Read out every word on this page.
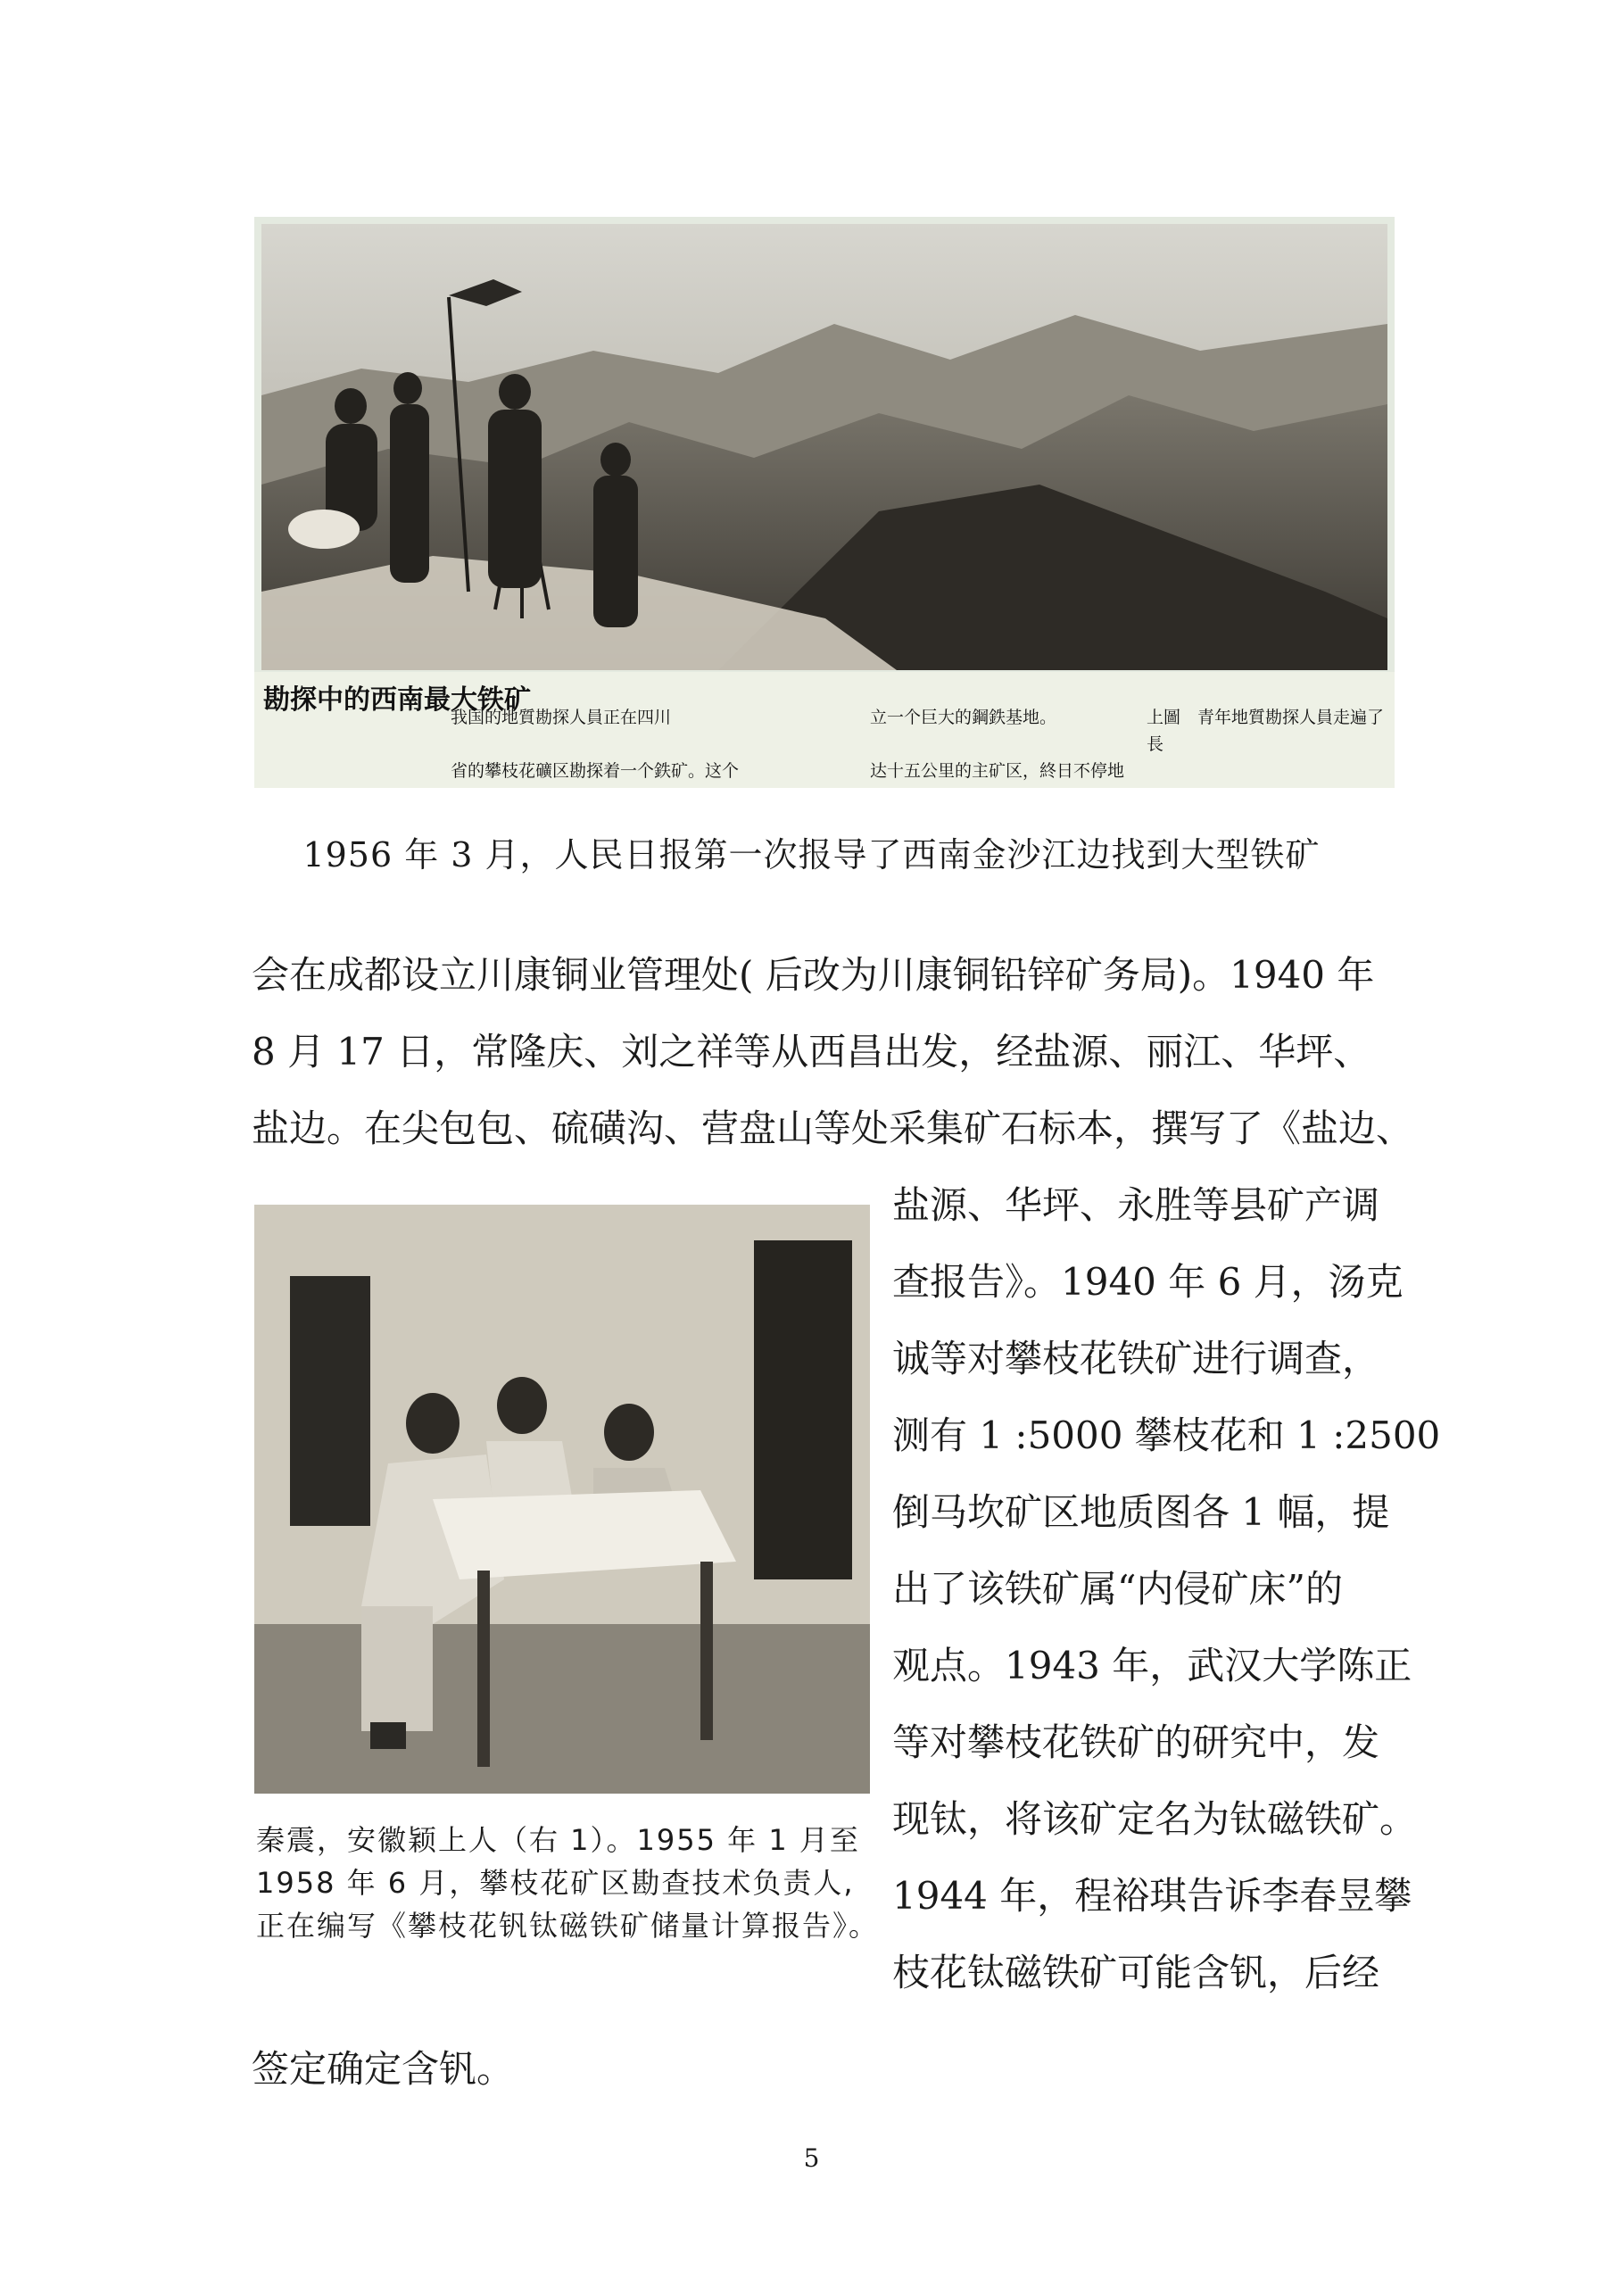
勘探中的西南最大铁矿

我国的地質勘探人員正在四川

省的攀枝花礦区勘探着一个鉄矿。这个

立一个巨大的鋼鉄基地。

达十五公里的主矿区，終日不停地

上圖　青年地質勘探人員走遍了長

1956 年 3 月，人民日报第一次报导了西南金沙江边找到大型铁矿
会在成都设立川康铜业管理处( 后改为川康铜铅锌矿务局)。1940 年
8 月 17 日，常隆庆、刘之祥等从西昌出发，经盐源、丽江、华坪、
盐边。在尖包包、硫磺沟、营盘山等处采集矿石标本，撰写了《盐边、
秦震，安徽颖上人（右 1）。1955 年 1 月至 1958 年 6 月，攀枝花矿区勘查技术负责人,正在编写《攀枝花钒钛磁铁矿储量计算报告》。
盐源、华坪、永胜等县矿产调
查报告》。1940 年 6 月，汤克
诚等对攀枝花铁矿进行调查，
测有 1 :5000 攀枝花和 1 :2500
倒马坎矿区地质图各 1 幅，提
出了该铁矿属“内侵矿床”的
观点。1943 年，武汉大学陈正
等对攀枝花铁矿的研究中，发
现钛，将该矿定名为钛磁铁矿。
1944 年，程裕琪告诉李春昱攀
枝花钛磁铁矿可能含钒，后经
签定确定含钒。
5
